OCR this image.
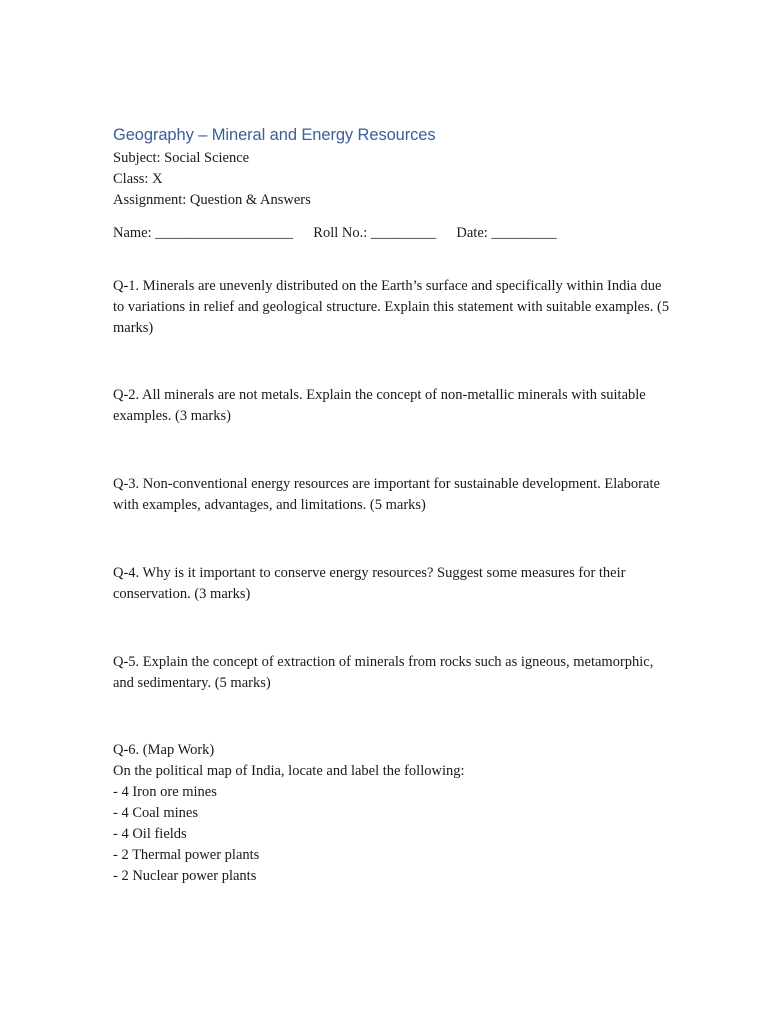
Geography – Mineral and Energy Resources

Subject: Social Science

Class: X

Assignment: Question & Answers

Name: ___________________ Roll No.: _________ Date: _________

Q-1. Minerals are unevenly distributed on the Earth’s surface and specifically within India due to variations in relief and geological structure. Explain this statement with suitable examples. (5 marks)

Q-2. All minerals are not metals. Explain the concept of non-metallic minerals with suitable examples. (3 marks)

Q-3. Non-conventional energy resources are important for sustainable development. Elaborate with examples, advantages, and limitations. (5 marks)

Q-4. Why is it important to conserve energy resources? Suggest some measures for their conservation. (3 marks)

Q-5. Explain the concept of extraction of minerals from rocks such as igneous, metamorphic, and sedimentary. (5 marks)

Q-6. (Map Work)

On the political map of India, locate and label the following:

- 4 Iron ore mines
- 4 Coal mines
- 4 Oil fields
- 2 Thermal power plants
- 2 Nuclear power plants
